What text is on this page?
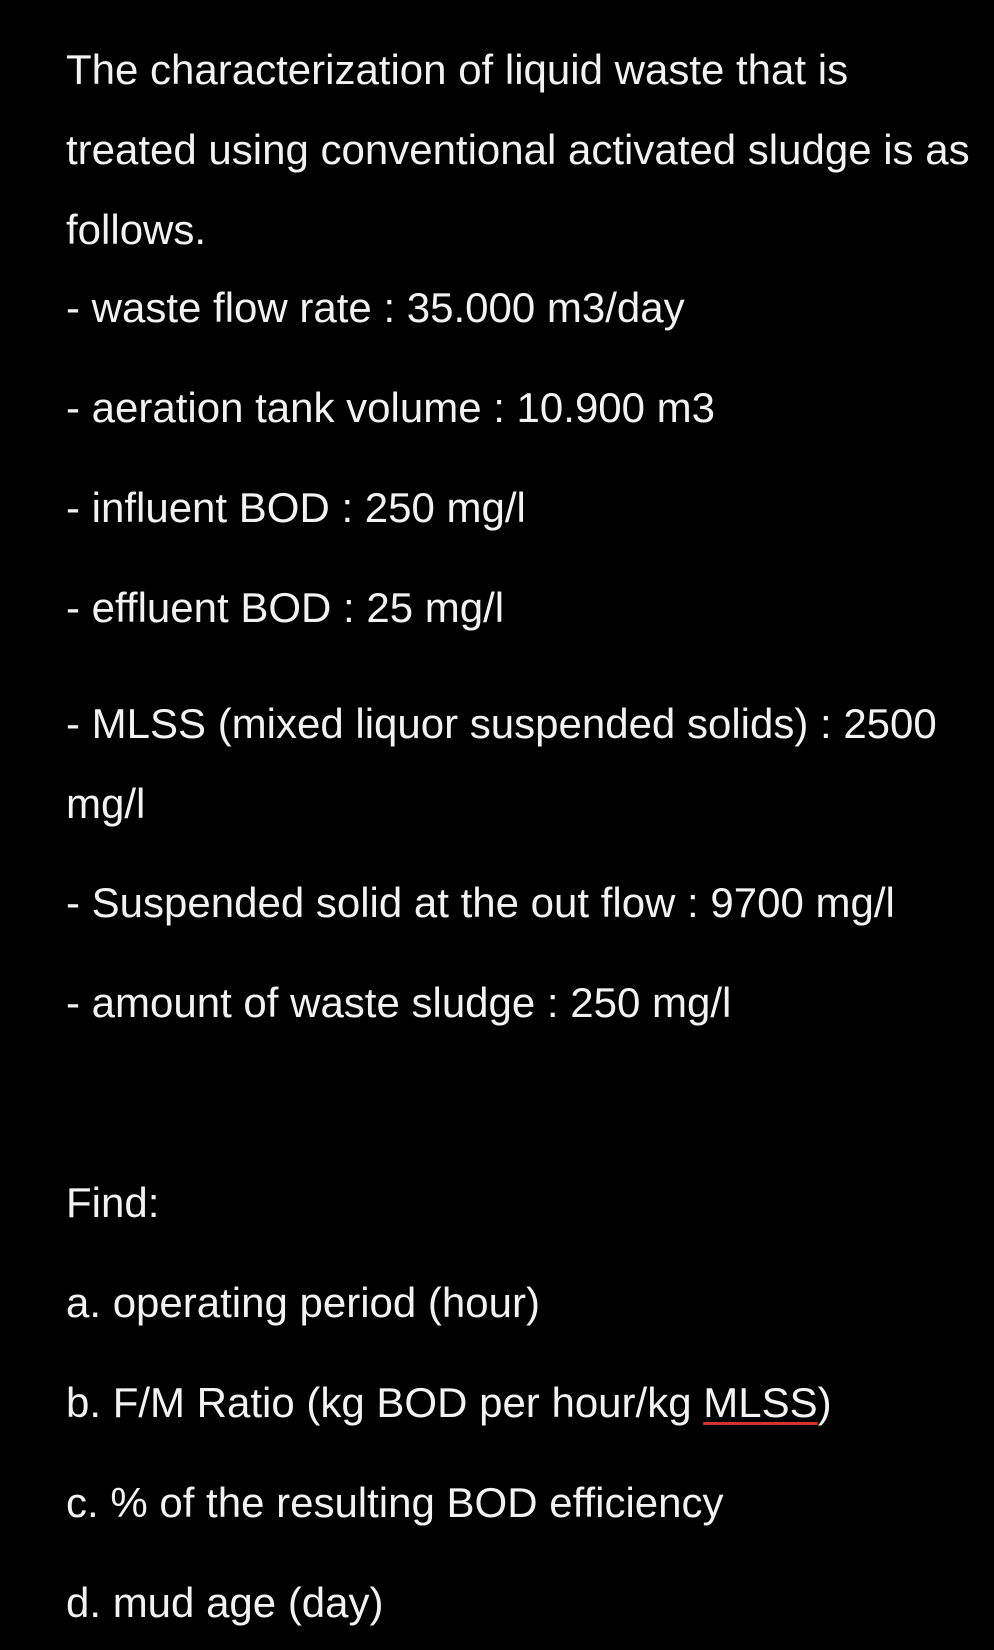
The characterization of liquid waste that is treated using conventional activated sludge is as follows.

- waste flow rate : 35.000 m3/day

- aeration tank volume : 10.900 m3

- influent BOD : 250 mg/l

- effluent BOD : 25 mg/l

- MLSS (mixed liquor suspended solids) : 2500 mg/l

- Suspended solid at the out flow : 9700 mg/l

- amount of waste sludge : 250 mg/l

Find:

a. operating period (hour)

b. F/M Ratio (kg BOD per hour/kg MLSS)

c. % of the resulting BOD efficiency

d. mud age (day)
